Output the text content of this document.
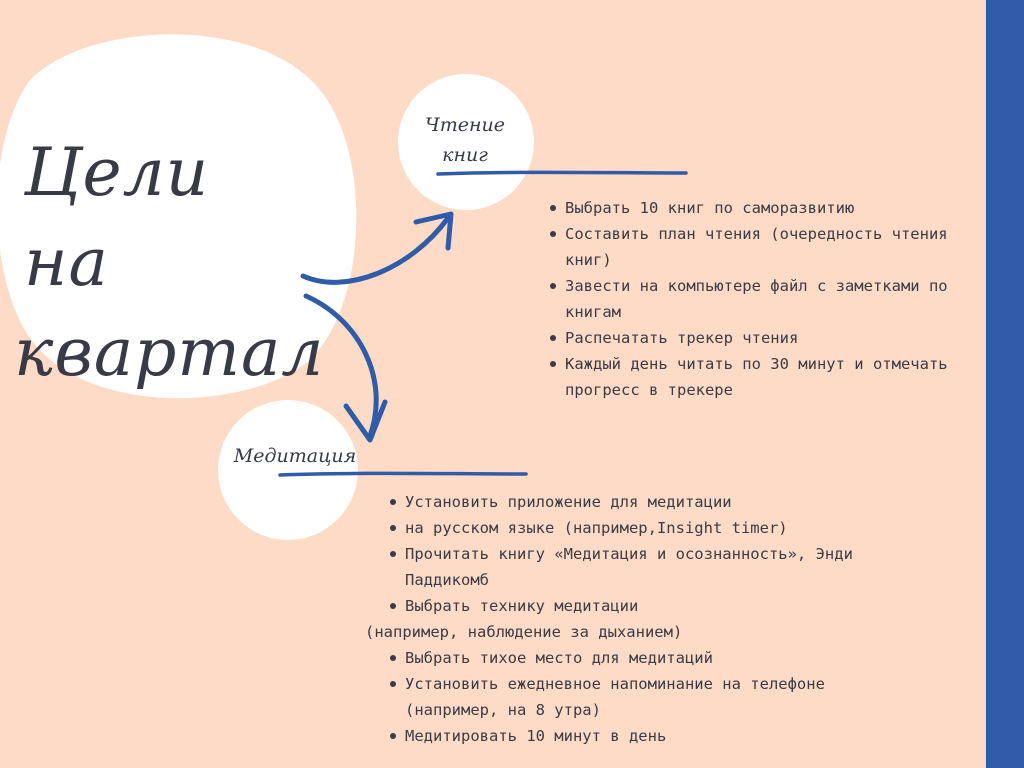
Цели на
квартал
Чтение
книг
Медитация
Выбрать 10 книг по саморазвитию
Составить план чтения (очередность чтения книг)
Завести на компьютере файл с заметками по книгам
Распечатать трекер чтения
Каждый день читать по 30 минут и отмечать прогресс в трекере
Установить приложение для медитации
на русском языке (например,Insight timer)
Прочитать книгу «Медитация и осознанность», Энди Паддикомб
Выбрать технику медитации
(например, наблюдение за дыханием)
Выбрать тихое место для медитаций
Установить ежедневное напоминание на телефоне (например, на 8 утра)
Медитировать 10 минут в день
